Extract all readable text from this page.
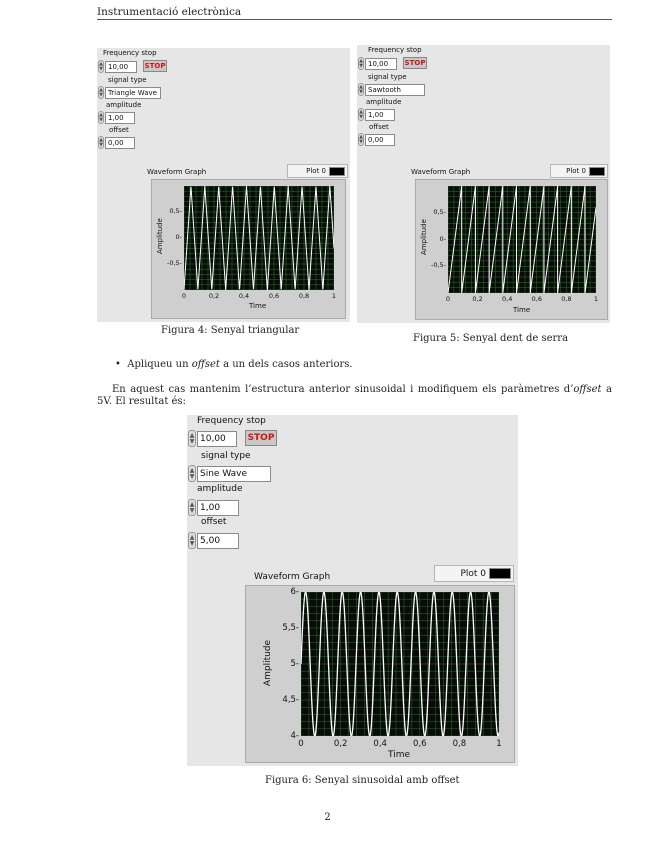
Instrumentació electrònica
Frequency stop
▲
▼ 10,00	STOP
signal type
▲
▼ Triangle Wave
amplitude
▲
▼ 1,00
offset
▲
▼ 0,00
Waveform Graph	Plot 0
0,5-
0-
-0,5-
0	0,2	0,4	0,6	0,8	1
Time
Amplitude
Figura 4: Senyal triangular
Frequency stop
▲
▼ 10,00	STOP
signal type
▲
▼ Sawtooth
amplitude
▲
▼ 1,00
offset
▲
▼ 0,00
Waveform Graph	Plot 0
0,5-
0-
-0,5-
0	0,2	0,4	0,6	0,8	1
Time
Amplitude
Figura 5: Senyal dent de serra
• Apliqueu un offset a un dels casos anteriors.
En aquest cas mantenim l’estructura anterior sinusoidal i modifiquem els paràmetres d’offset a 5V. El resultat és:
Frequency stop
▲
▼ 10,00	STOP
signal type
▲
▼ Sine Wave
amplitude
▲
▼ 1,00
offset
▲
▼ 5,00
Waveform Graph	Plot 0
6-
5,5-
5-
4,5-
4-
0	0,2	0,4	0,6	0,8	1
Time
Amplitude
Figura 6: Senyal sinusoidal amb offset
2
